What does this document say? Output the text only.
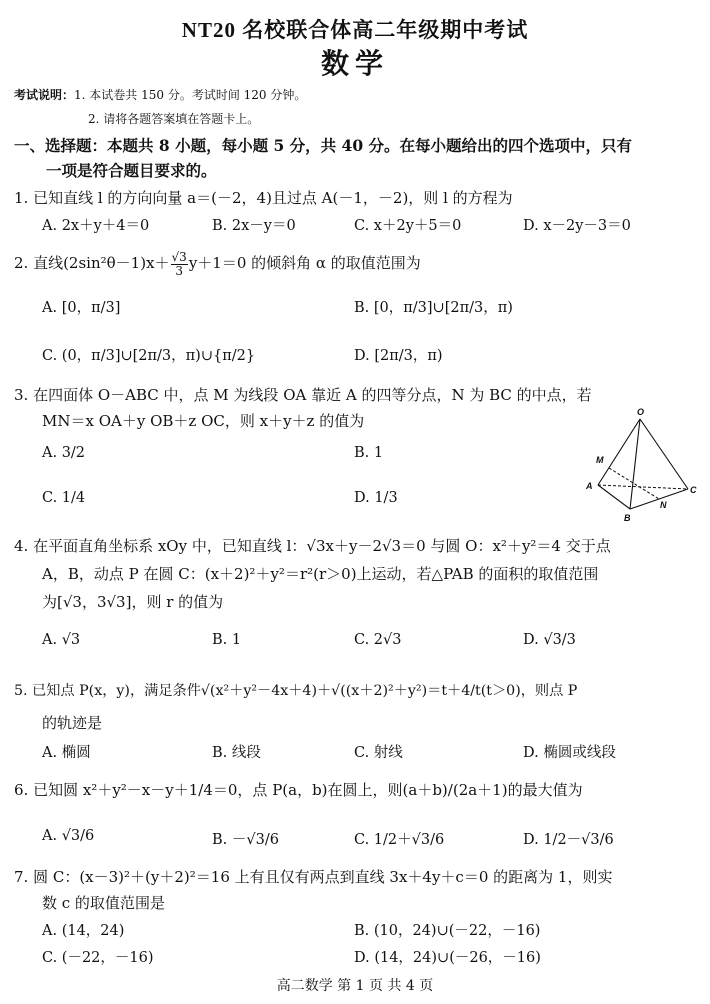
NT20 名校联合体高二年级期中考试
数学
考试说明：1. 本试卷共 150 分。考试时间 120 分钟。
2. 请将各题答案填在答题卡上。
一、选择题：本题共 8 小题，每小题 5 分，共 40 分。在每小题给出的四个选项中，只有
一项是符合题目要求的。
1. 已知直线 l 的方向向量 a＝(－2，4)且过点 A(－1，－2)，则 l 的方程为
A. 2x＋y＋4＝0	B. 2x－y＝0	C. x＋2y＋5＝0	D. x－2y－3＝0
2. 直线$(2\sin^2\theta-1)x+ \frac{√3}{3} y+1=0$ 的倾斜角 α 的取值范围为
A. [0，π/3]	B. [0，π/3]∪[2π/3，π)
C. (0，π/3]∪[2π/3，π)∪{π/2}	D. [2π/3，π)
3. 在四面体 O－ABC 中，点 M 为线段 OA 靠近 A 的四等分点，N 为 BC 的中点，若
MN＝x OA＋y OB＋z OC，则 x＋y＋z 的值为
A. 3/2	B. 1
C. 1/4	D. 1/3
O
M
A
B
N
C
4. 在平面直角坐标系 xOy 中，已知直线 l：√3x＋y－2√3＝0 与圆 O：x²＋y²＝4 交于点
A，B，动点 P 在圆 C：(x＋2)²＋y²＝r²(r＞0)上运动，若△PAB 的面积的取值范围
为[√3，3√3]，则 r 的值为
A. √3	B. 1	C. 2√3	D. √3/3
5. 已知点 P(x，y)，满足条件√(x²＋y²－4x＋4)＋√((x＋2)²＋y²)＝t＋4/t(t＞0)，则点 P
的轨迹是
A. 椭圆	B. 线段	C. 射线	D. 椭圆或线段
6. 已知圆 x²＋y²－x－y＋1/4＝0，点 P(a，b)在圆上，则(a＋b)/(2a＋1)的最大值为
A. √3/6	B. －√3/6	C. 1/2＋√3/6	D. 1/2－√3/6
7. 圆 C：(x－3)²＋(y＋2)²＝16 上有且仅有两点到直线 3x＋4y＋c＝0 的距离为 1，则实
数 c 的取值范围是
A. (14，24)	B. (10，24)∪(－22，－16)
C. (－22，－16)	D. (14，24)∪(－26，－16)
高二数学 第 1 页 共 4 页
